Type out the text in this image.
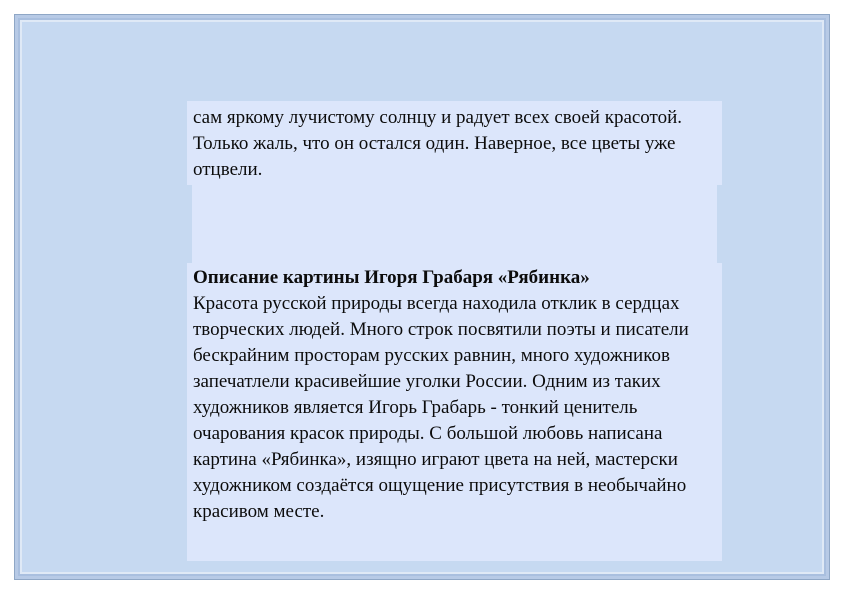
сам яркому лучистому солнцу и радует всех своей красотой. Только жаль, что он остался один. Наверное, все цветы уже отцвели.

Описание картины Игоря Грабаря «Рябинка»

Красота русской природы всегда находила отклик в сердцах творческих людей. Много строк посвятили поэты и писатели бескрайним просторам русских равнин, много художников запечатлели красивейшие уголки России. Одним из таких художников является Игорь Грабарь - тонкий ценитель очарования красок природы. С большой любовь написана картина «Рябинка», изящно играют цвета на ней, мастерски художником создаётся ощущение присутствия в необычайно красивом месте.
